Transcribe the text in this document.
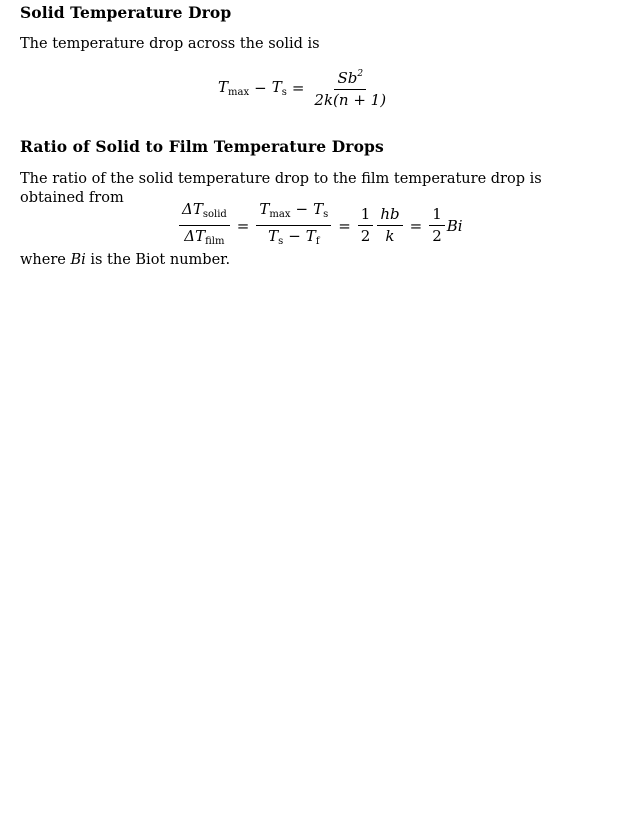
Solid Temperature Drop

The temperature drop across the solid is

$T_{max} - T_s = \frac{Sb^2}{2k(n + 1)}$
Ratio of Solid to Film Temperature Drops

The ratio of the solid temperature drop to the film temperature drop is obtained from

$\frac{\Delta T_{solid}}{\Delta T_{film}} = \frac{T_{max} - T_s}{T_s - T_f} = \frac{1}{2} \frac{hb}{k} = \frac{1}{2}$ Bi

where Bi is the Biot number.
